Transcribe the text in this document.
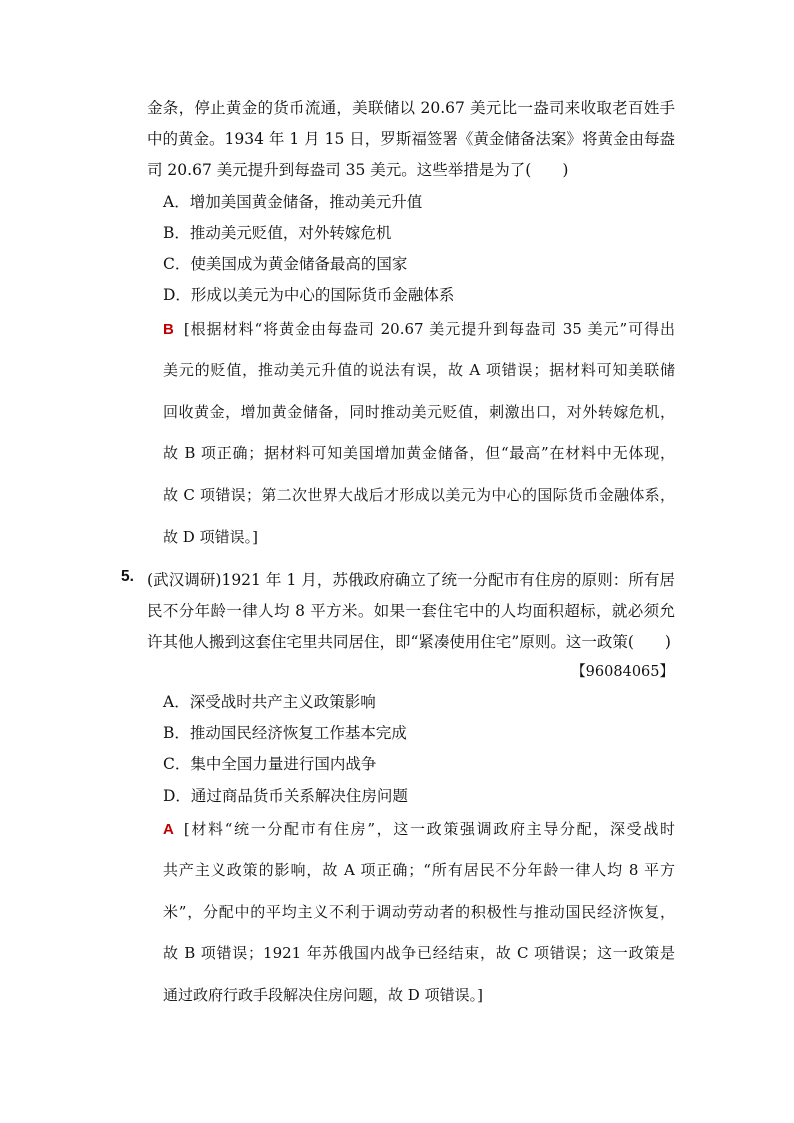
金条，停止黄金的货币流通，美联储以 20.67 美元比一盎司来收取老百姓手
中的黄金。1934 年 1 月 15 日，罗斯福签署《黄金储备法案》将黄金由每盎
司 20.67 美元提升到每盎司 35 美元。这些举措是为了(　　)
A．增加美国黄金储备，推动美元升值
B．推动美元贬值，对外转嫁危机
C．使美国成为黄金储备最高的国家
D．形成以美元为中心的国际货币金融体系
B [根据材料“将黄金由每盎司 20.67 美元提升到每盎司 35 美元”可得出
美元的贬值，推动美元升值的说法有误，故 A 项错误；据材料可知美联储
回收黄金，增加黄金储备，同时推动美元贬值，刺激出口，对外转嫁危机，
故 B 项正确；据材料可知美国增加黄金储备，但“最高”在材料中无体现，
故 C 项错误；第二次世界大战后才形成以美元为中心的国际货币金融体系，
故 D 项错误。]
5. (武汉调研)1921 年 1 月，苏俄政府确立了统一分配市有住房的原则：所有居
民不分年龄一律人均 8 平方米。如果一套住宅中的人均面积超标，就必须允
许其他人搬到这套住宅里共同居住，即“紧凑使用住宅”原则。这一政策(　　)
【96084065】
A．深受战时共产主义政策影响
B．推动国民经济恢复工作基本完成
C．集中全国力量进行国内战争
D．通过商品货币关系解决住房问题
A [材料“统一分配市有住房”，这一政策强调政府主导分配，深受战时
共产主义政策的影响，故 A 项正确；“所有居民不分年龄一律人均 8 平方
米”，分配中的平均主义不利于调动劳动者的积极性与推动国民经济恢复，
故 B 项错误；1921 年苏俄国内战争已经结束，故 C 项错误；这一政策是
通过政府行政手段解决住房问题，故 D 项错误。]
